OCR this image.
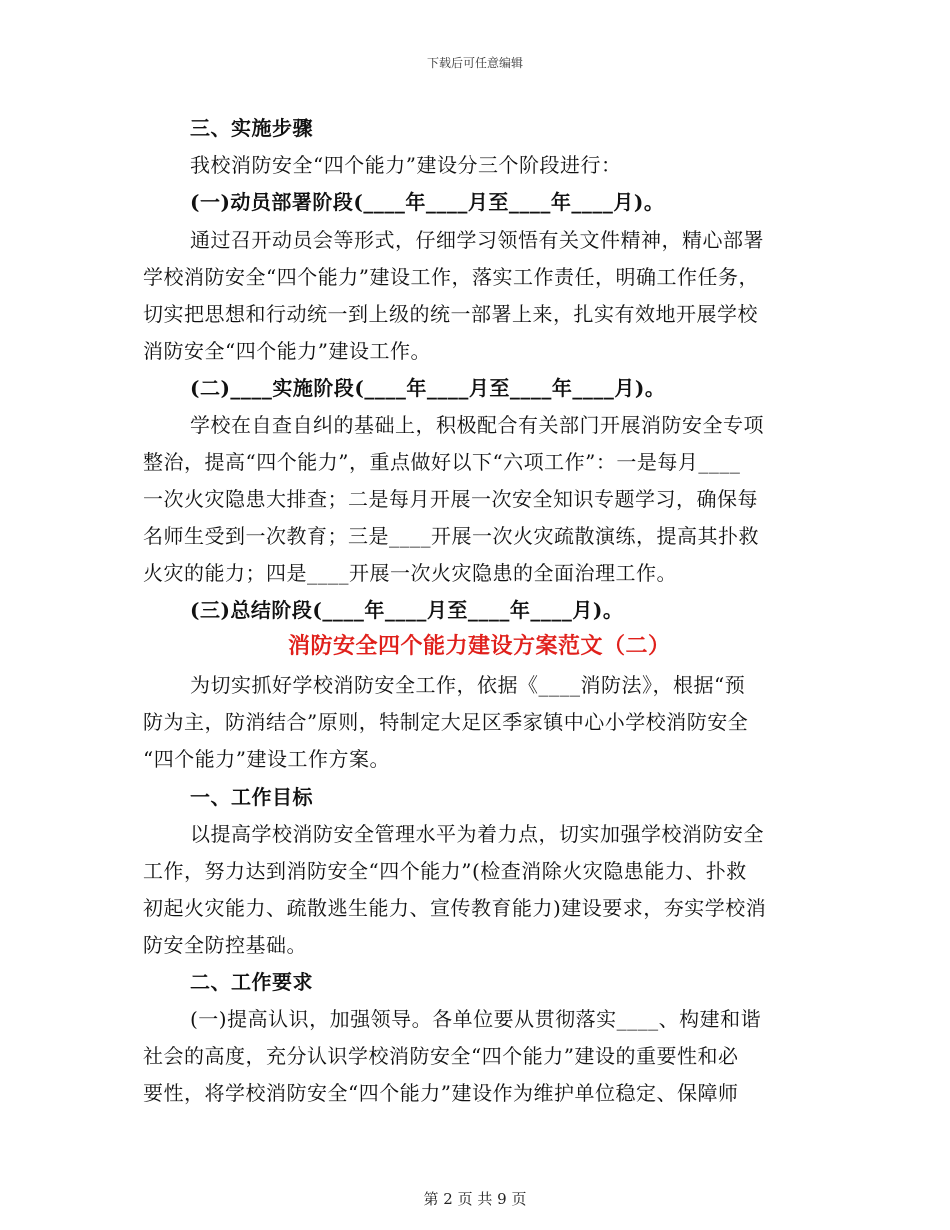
下载后可任意编辑
三、实施步骤
我校消防安全“四个能力”建设分三个阶段进行：
(一)动员部署阶段(____年____月至____年____月)。
通过召开动员会等形式，仔细学习领悟有关文件精神，精心部署
学校消防安全“四个能力”建设工作，落实工作责任，明确工作任务，
切实把思想和行动统一到上级的统一部署上来，扎实有效地开展学校
消防安全“四个能力”建设工作。
(二)____实施阶段(____年____月至____年____月)。
学校在自查自纠的基础上，积极配合有关部门开展消防安全专项
整治，提高“四个能力”，重点做好以下“六项工作”：一是每月____
一次火灾隐患大排查；二是每月开展一次安全知识专题学习，确保每
名师生受到一次教育；三是____开展一次火灾疏散演练，提高其扑救
火灾的能力；四是____开展一次火灾隐患的全面治理工作。
(三)总结阶段(____年____月至____年____月)。
消防安全四个能力建设方案范文（二）
为切实抓好学校消防安全工作，依据《____消防法》，根据“预
防为主，防消结合”原则，特制定大足区季家镇中心小学校消防安全
“四个能力”建设工作方案。
一、工作目标
以提高学校消防安全管理水平为着力点，切实加强学校消防安全
工作，努力达到消防安全“四个能力”(检查消除火灾隐患能力、扑救
初起火灾能力、疏散逃生能力、宣传教育能力)建设要求，夯实学校消
防安全防控基础。
二、工作要求
(一)提高认识，加强领导。各单位要从贯彻落实____、构建和谐
社会的高度，充分认识学校消防安全“四个能力”建设的重要性和必
要性，将学校消防安全“四个能力”建设作为维护单位稳定、保障师
第 2 页 共 9 页
